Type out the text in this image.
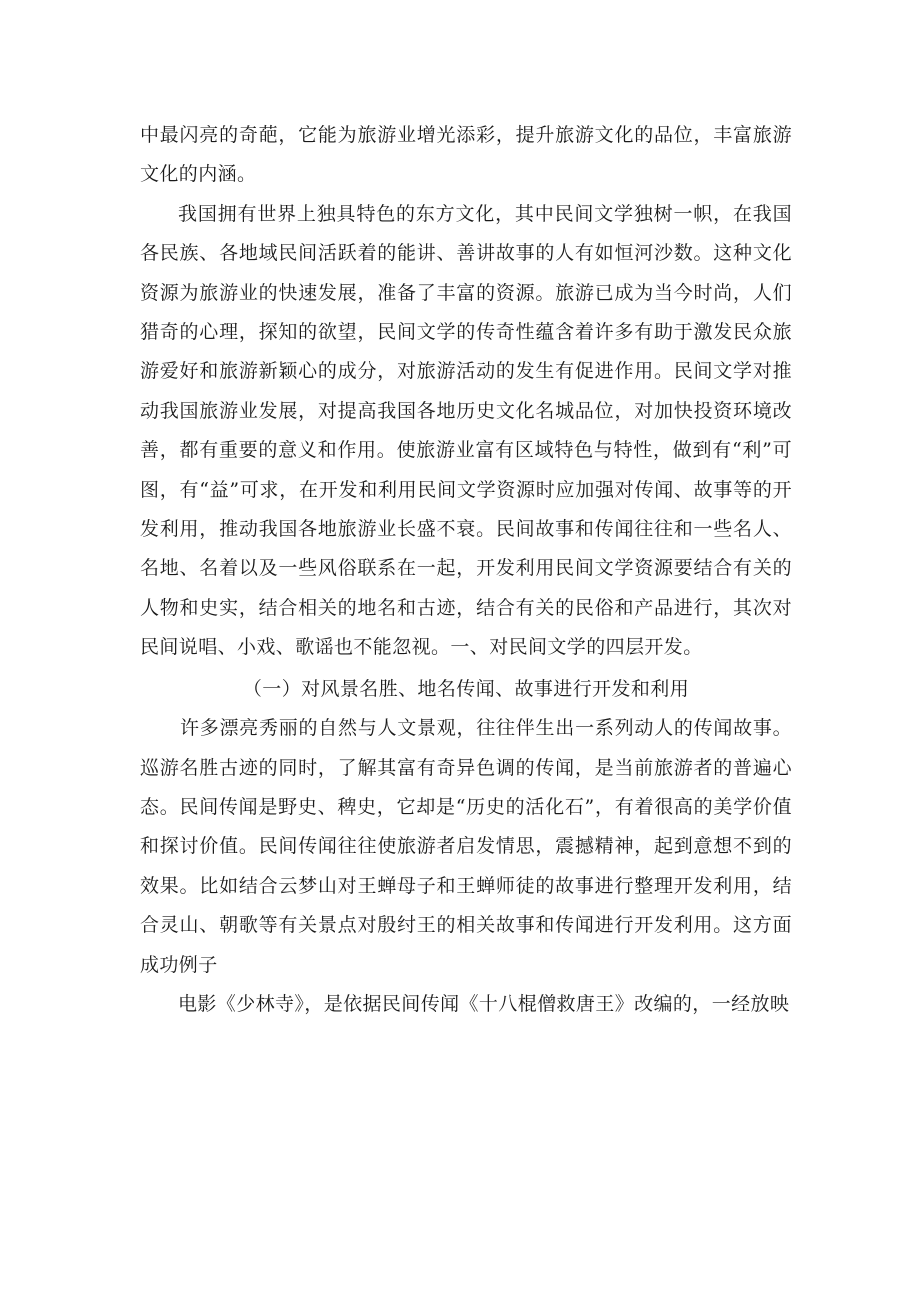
中最闪亮的奇葩，它能为旅游业增光添彩，提升旅游文化的品位，丰富旅游文化的内涵。

我国拥有世界上独具特色的东方文化，其中民间文学独树一帜，在我国各民族、各地域民间活跃着的能讲、善讲故事的人有如恒河沙数。这种文化资源为旅游业的快速发展，准备了丰富的资源。旅游已成为当今时尚，人们猎奇的心理，探知的欲望，民间文学的传奇性蕴含着许多有助于激发民众旅游爱好和旅游新颖心的成分，对旅游活动的发生有促进作用。民间文学对推动我国旅游业发展，对提高我国各地历史文化名城品位，对加快投资环境改善，都有重要的意义和作用。使旅游业富有区域特色与特性，做到有“利”可图，有“益”可求，在开发和利用民间文学资源时应加强对传闻、故事等的开发利用，推动我国各地旅游业长盛不衰。民间故事和传闻往往和一些名人、名地、名着以及一些风俗联系在一起，开发利用民间文学资源要结合有关的人物和史实，结合相关的地名和古迹，结合有关的民俗和产品进行，其次对民间说唱、小戏、歌谣也不能忽视。一、对民间文学的四层开发。

（一）对风景名胜、地名传闻、故事进行开发和利用

许多漂亮秀丽的自然与人文景观，往往伴生出一系列动人的传闻故事。巡游名胜古迹的同时，了解其富有奇异色调的传闻，是当前旅游者的普遍心态。民间传闻是野史、稗史，它却是“历史的活化石”，有着很高的美学价值和探讨价值。民间传闻往往使旅游者启发情思，震撼精神，起到意想不到的效果。比如结合云梦山对王蝉母子和王蝉师徒的故事进行整理开发利用，结合灵山、朝歌等有关景点对殷纣王的相关故事和传闻进行开发利用。这方面成功例子

电影《少林寺》，是依据民间传闻《十八棍僧救唐王》改编的，一经放映
